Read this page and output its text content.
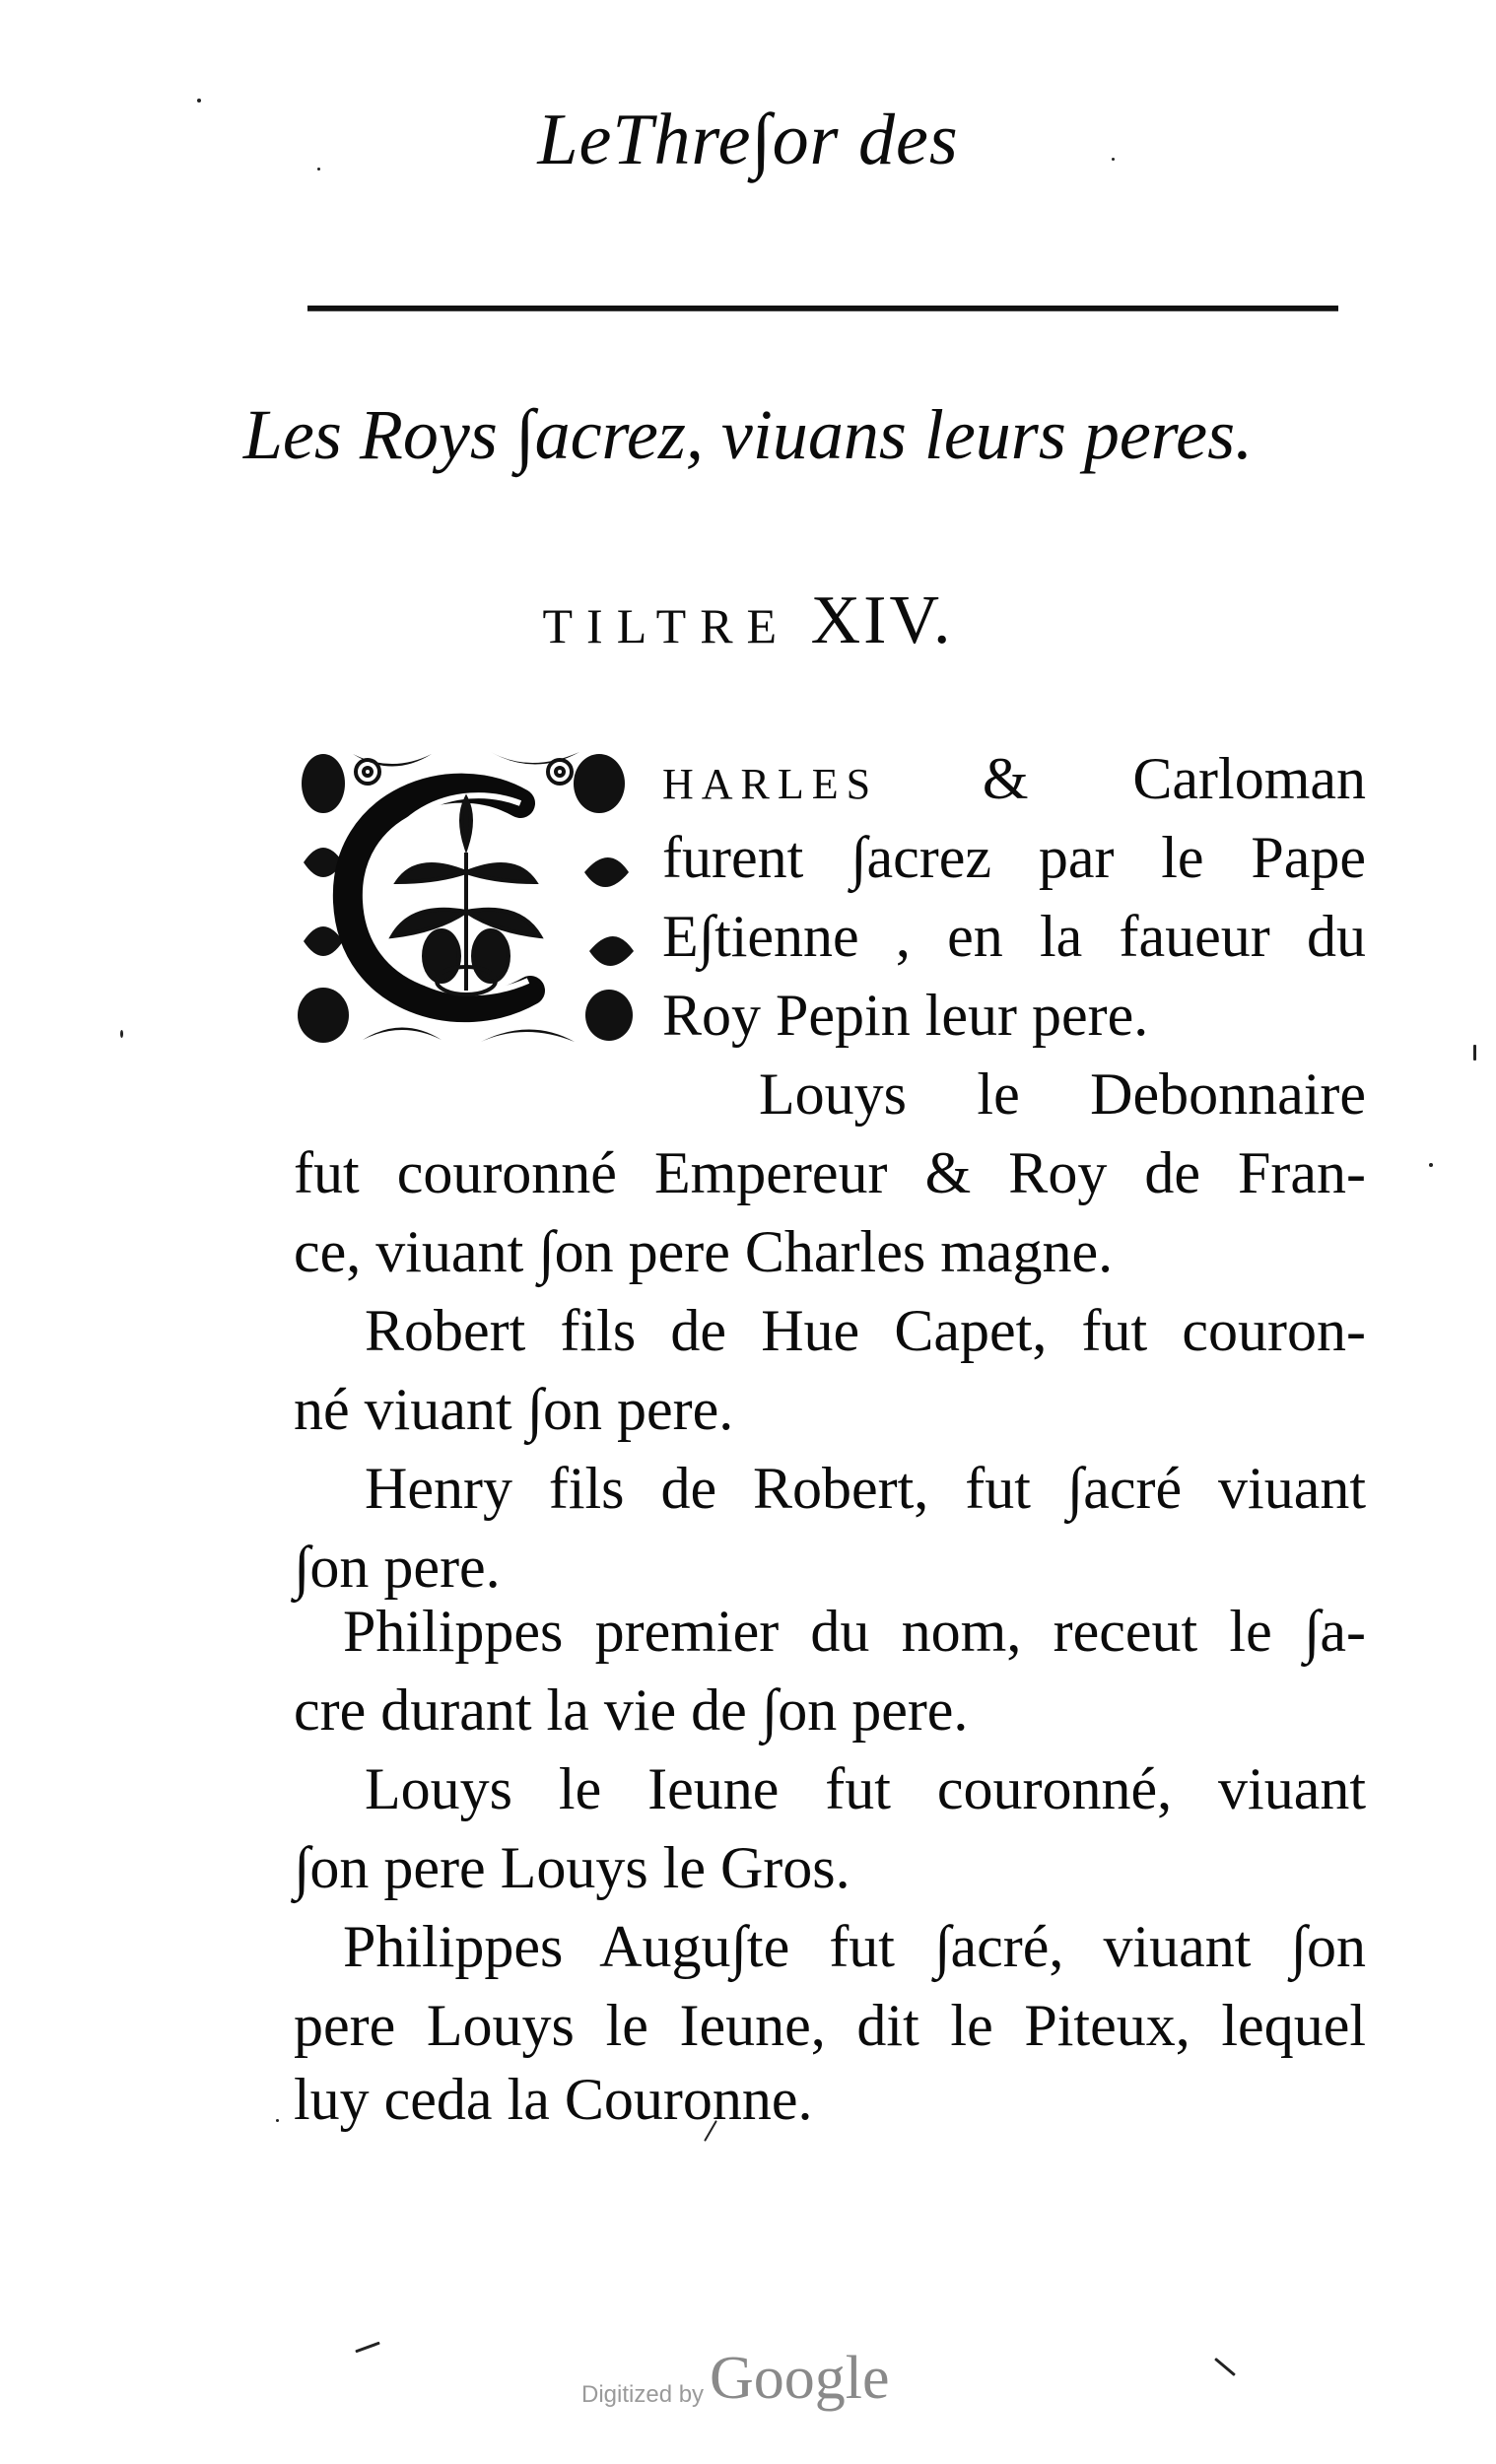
LeThre∫or des
Les Roys ∫acrez, viuans leurs peres.
TILTRE XIV.
HARLES & Carloman
furent ∫acrez par le Pape
E∫tienne , en la faueur du
Roy Pepin leur pere.
Louys le Debonnaire
fut couronné Empereur & Roy de Fran-
ce, viuant ∫on pere Charles magne.
Robert fils de Hue Capet, fut couron-
né viuant ∫on pere.
Henry fils de Robert, fut ∫acré viuant
∫on pere.
Philippes premier du nom, receut le ∫a-
cre durant la vie de ∫on pere.
Louys le Ieune fut couronné, viuant
∫on pere Louys le Gros.
Philippes Augu∫te fut ∫acré, viuant ∫on
pere Louys le Ieune, dit le Piteux, lequel
luy ceda la Couronne.
Digitized by Google
